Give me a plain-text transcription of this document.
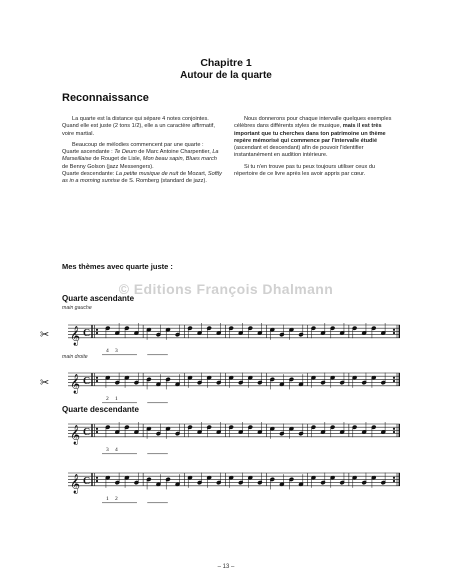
Chapitre 1
Autour de la quarte
Reconnaissance

La quarte est la distance qui sépare 4 notes conjointes. Quand elle est juste (2 tons 1/2), elle a un caractère affirmatif, voire martial.

Beaucoup de mélodies commencent par une quarte :

Quarte ascendante : Te Deum de Marc Antoine Charpentier, La Marseillaise de Rouget de Lisle, Mon beau sapin, Blues march de Benny Golson (jazz Messengers).

Quarte descendante: La petite musique de nuit de Mozart, Softly as in a morning sunrise de S. Romberg (standard de jazz).

Nous donnerons pour chaque intervalle quelques exemples célèbres dans différents styles de musique, mais il est très important que tu cherches dans ton patrimoine un thème repère mémorisé qui commence par l'intervalle étudié (ascendant et descendant) afin de pouvoir l'identifier instantanément en audition intérieure.

Si tu n'en trouve pas tu peux toujours utiliser ceux du répertoire de ce livre après les avoir appris par cœur.

Mes thèmes avec quarte juste :
© Editions François Dhalmann
Quarte ascendante
main gauche
main droite
Quarte descendante
𝄞 C
✂
𝄞 C
✂
𝄞 C
𝄞 C
4 3
2 1
3 4
1 2
– 13 –
